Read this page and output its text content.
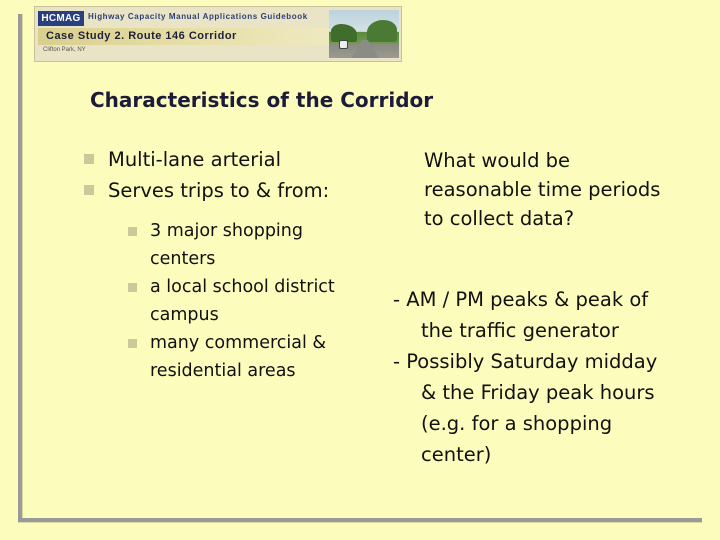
HCMAG Highway Capacity Manual Applications Guidebook
Case Study 2. Route 146 Corridor
Clifton Park, NY
Characteristics of the Corridor
Multi-lane arterial
Serves trips to & from:
3 major shopping
centers
a local school district
campus
many commercial &
residential areas
What would be
reasonable time periods
to collect data?
- AM / PM peaks & peak of
the traffic generator
- Possibly Saturday midday
& the Friday peak hours
(e.g. for a shopping
center)
